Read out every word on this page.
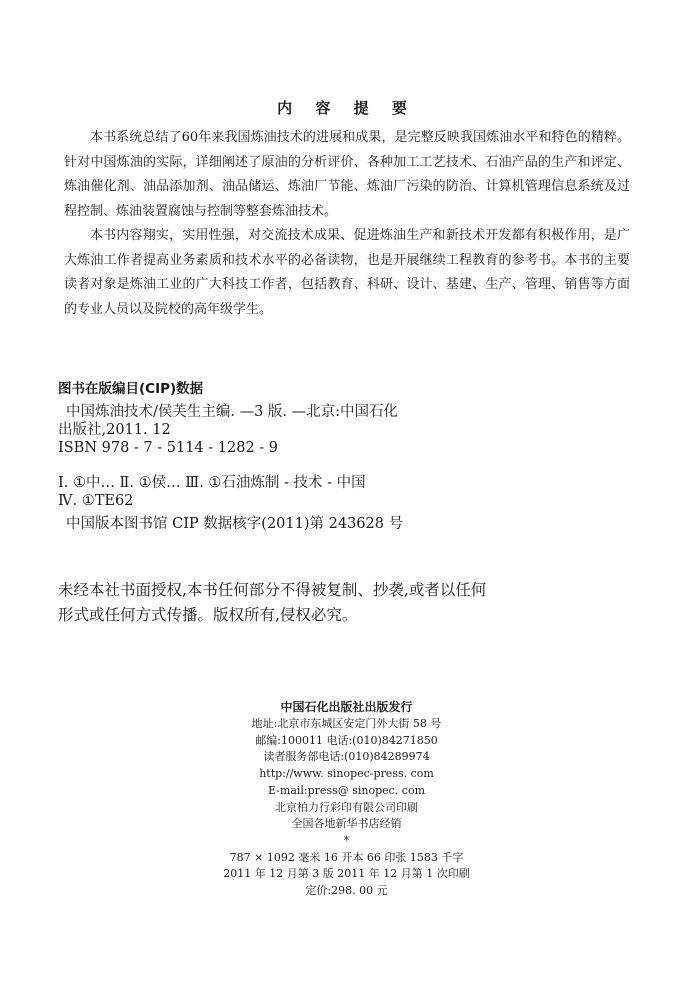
内 容 提 要

本书系统总结了60年来我国炼油技术的进展和成果，是完整反映我国炼油水平和特色的精粹。针对中国炼油的实际，详细阐述了原油的分析评价、各种加工工艺技术、石油产品的生产和评定、炼油催化剂、油品添加剂、油品储运、炼油厂节能、炼油厂污染的防治、计算机管理信息系统及过程控制、炼油装置腐蚀与控制等整套炼油技术。

本书内容翔实，实用性强，对交流技术成果、促进炼油生产和新技术开发都有积极作用，是广大炼油工作者提高业务素质和技术水平的必备读物，也是开展继续工程教育的参考书。本书的主要读者对象是炼油工业的广大科技工作者，包括教育、科研、设计、基建、生产、管理、销售等方面的专业人员以及院校的高年级学生。

图书在版编目(CIP)数据
中国炼油技术/侯芙生主编. —3 版. —北京:中国石化
出版社,2011. 12
ISBN 978 - 7 - 5114 - 1282 - 9
Ⅰ. ①中… Ⅱ. ①侯… Ⅲ. ①石油炼制 - 技术 - 中国
Ⅳ. ①TE62
中国版本图书馆 CIP 数据核字(2011)第 243628 号
未经本社书面授权,本书任何部分不得被复制、抄袭,或者以任何
形式或任何方式传播。版权所有,侵权必究。
中国石化出版社出版发行
地址:北京市东城区安定门外大街 58 号
邮编:100011 电话:(010)84271850
读者服务部电话:(010)84289974
http://www. sinopec-press. com
E-mail:press@ sinopec. com
北京柏力行彩印有限公司印刷
全国各地新华书店经销
*
787 × 1092 毫米 16 开本 66 印张 1583 千字
2011 年 12 月第 3 版 2011 年 12 月第 1 次印刷
定价:298. 00 元
